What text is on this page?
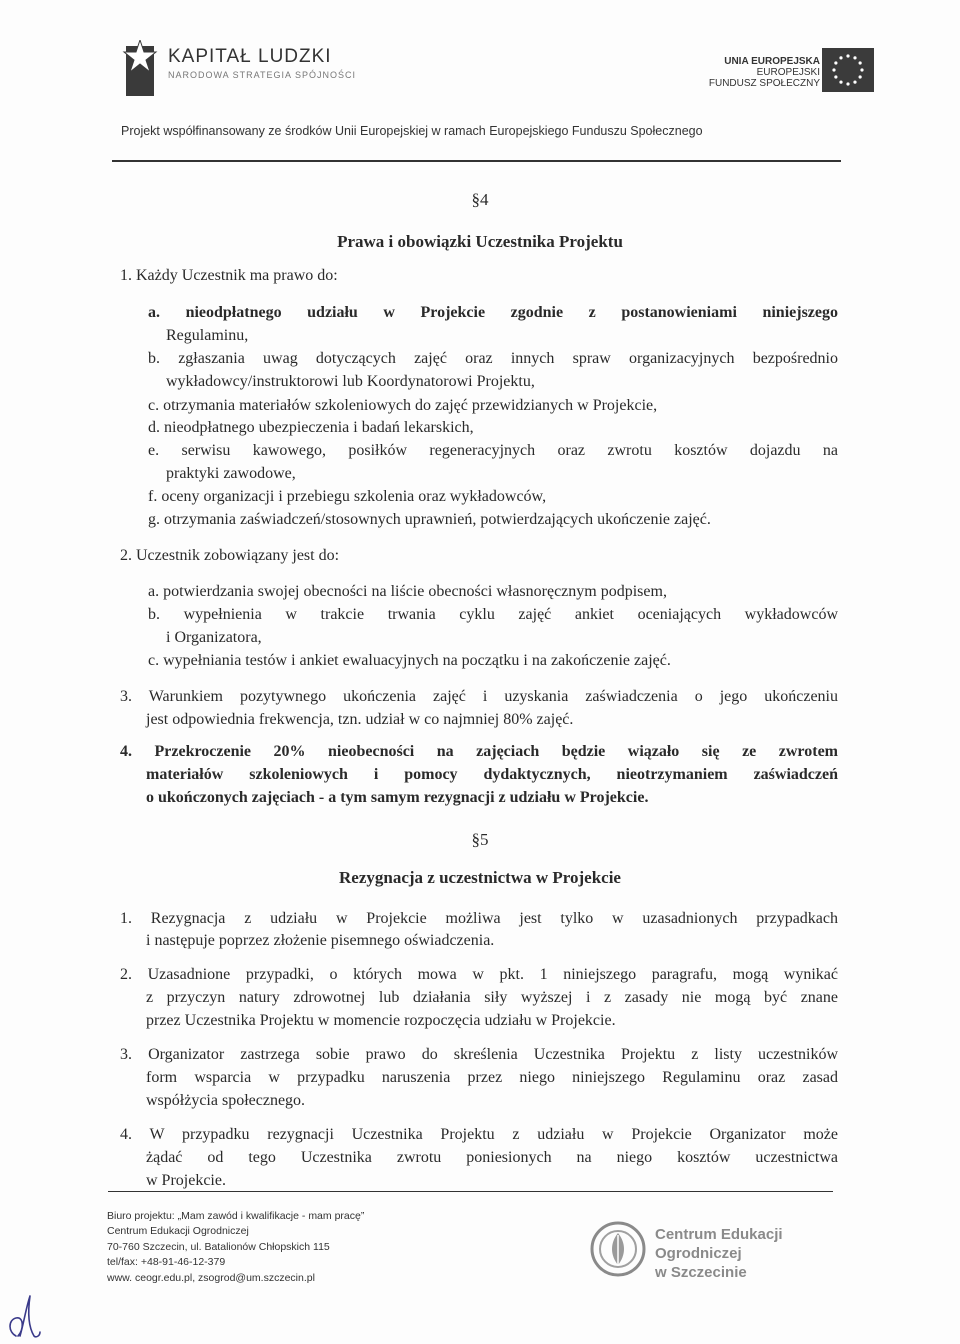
KAPITAŁ LUDZKI
NARODOWA STRATEGIA SPÓJNOŚCI
UNIA EUROPEJSKA
EUROPEJSKI
FUNDUSZ SPOŁECZNY
Projekt współfinansowany ze środków Unii Europejskiej w ramach Europejskiego Funduszu Społecznego
§4
Prawa i obowiązki Uczestnika Projektu
1. Każdy Uczestnik ma prawo do:
a. nieodpłatnego udziału w Projekcie zgodnie z postanowieniami niniejszego
Regulaminu,
b. zgłaszania uwag dotyczących zajęć oraz innych spraw organizacyjnych bezpośrednio
wykładowcy/instruktorowi lub Koordynatorowi Projektu,
c. otrzymania materiałów szkoleniowych do zajęć przewidzianych w Projekcie,
d. nieodpłatnego ubezpieczenia i badań lekarskich,
e. serwisu kawowego, posiłków regeneracyjnych oraz zwrotu kosztów dojazdu na
praktyki zawodowe,
f. oceny organizacji i przebiegu szkolenia oraz wykładowców,
g. otrzymania zaświadczeń/stosownych uprawnień, potwierdzających ukończenie zajęć.
2. Uczestnik zobowiązany jest do:
a. potwierdzania swojej obecności na liście obecności własnoręcznym podpisem,
b. wypełnienia w trakcie trwania cyklu zajęć ankiet oceniających wykładowców
i Organizatora,
c. wypełniania testów i ankiet ewaluacyjnych na początku i na zakończenie zajęć.
3. Warunkiem pozytywnego ukończenia zajęć i uzyskania zaświadczenia o jego ukończeniu
jest odpowiednia frekwencja, tzn. udział w co najmniej 80% zajęć.
4. Przekroczenie 20% nieobecności na zajęciach będzie wiązało się ze zwrotem
materiałów szkoleniowych i pomocy dydaktycznych, nieotrzymaniem zaświadczeń
o ukończonych zajęciach - a tym samym rezygnacji z udziału w Projekcie.
§5
Rezygnacja z uczestnictwa w Projekcie
1. Rezygnacja z udziału w Projekcie możliwa jest tylko w uzasadnionych przypadkach
i następuje poprzez złożenie pisemnego oświadczenia.
2. Uzasadnione przypadki, o których mowa w pkt. 1 niniejszego paragrafu, mogą wynikać
z przyczyn natury zdrowotnej lub działania siły wyższej i z zasady nie mogą być znane
przez Uczestnika Projektu w momencie rozpoczęcia udziału w Projekcie.
3. Organizator zastrzega sobie prawo do skreślenia Uczestnika Projektu z listy uczestników
form wsparcia w przypadku naruszenia przez niego niniejszego Regulaminu oraz zasad
współżycia społecznego.
4. W przypadku rezygnacji Uczestnika Projektu z udziału w Projekcie Organizator może
żądać od tego Uczestnika zwrotu poniesionych na niego kosztów uczestnictwa
w Projekcie.
Biuro projektu: „Mam zawód i kwalifikacje - mam pracę”
Centrum Edukacji Ogrodniczej
70-760 Szczecin, ul. Batalionów Chłopskich 115
tel/fax: +48-91-46-12-379
www. ceogr.edu.pl, zsogrod@um.szczecin.pl
Centrum Edukacji
Ogrodniczej
w Szczecinie
